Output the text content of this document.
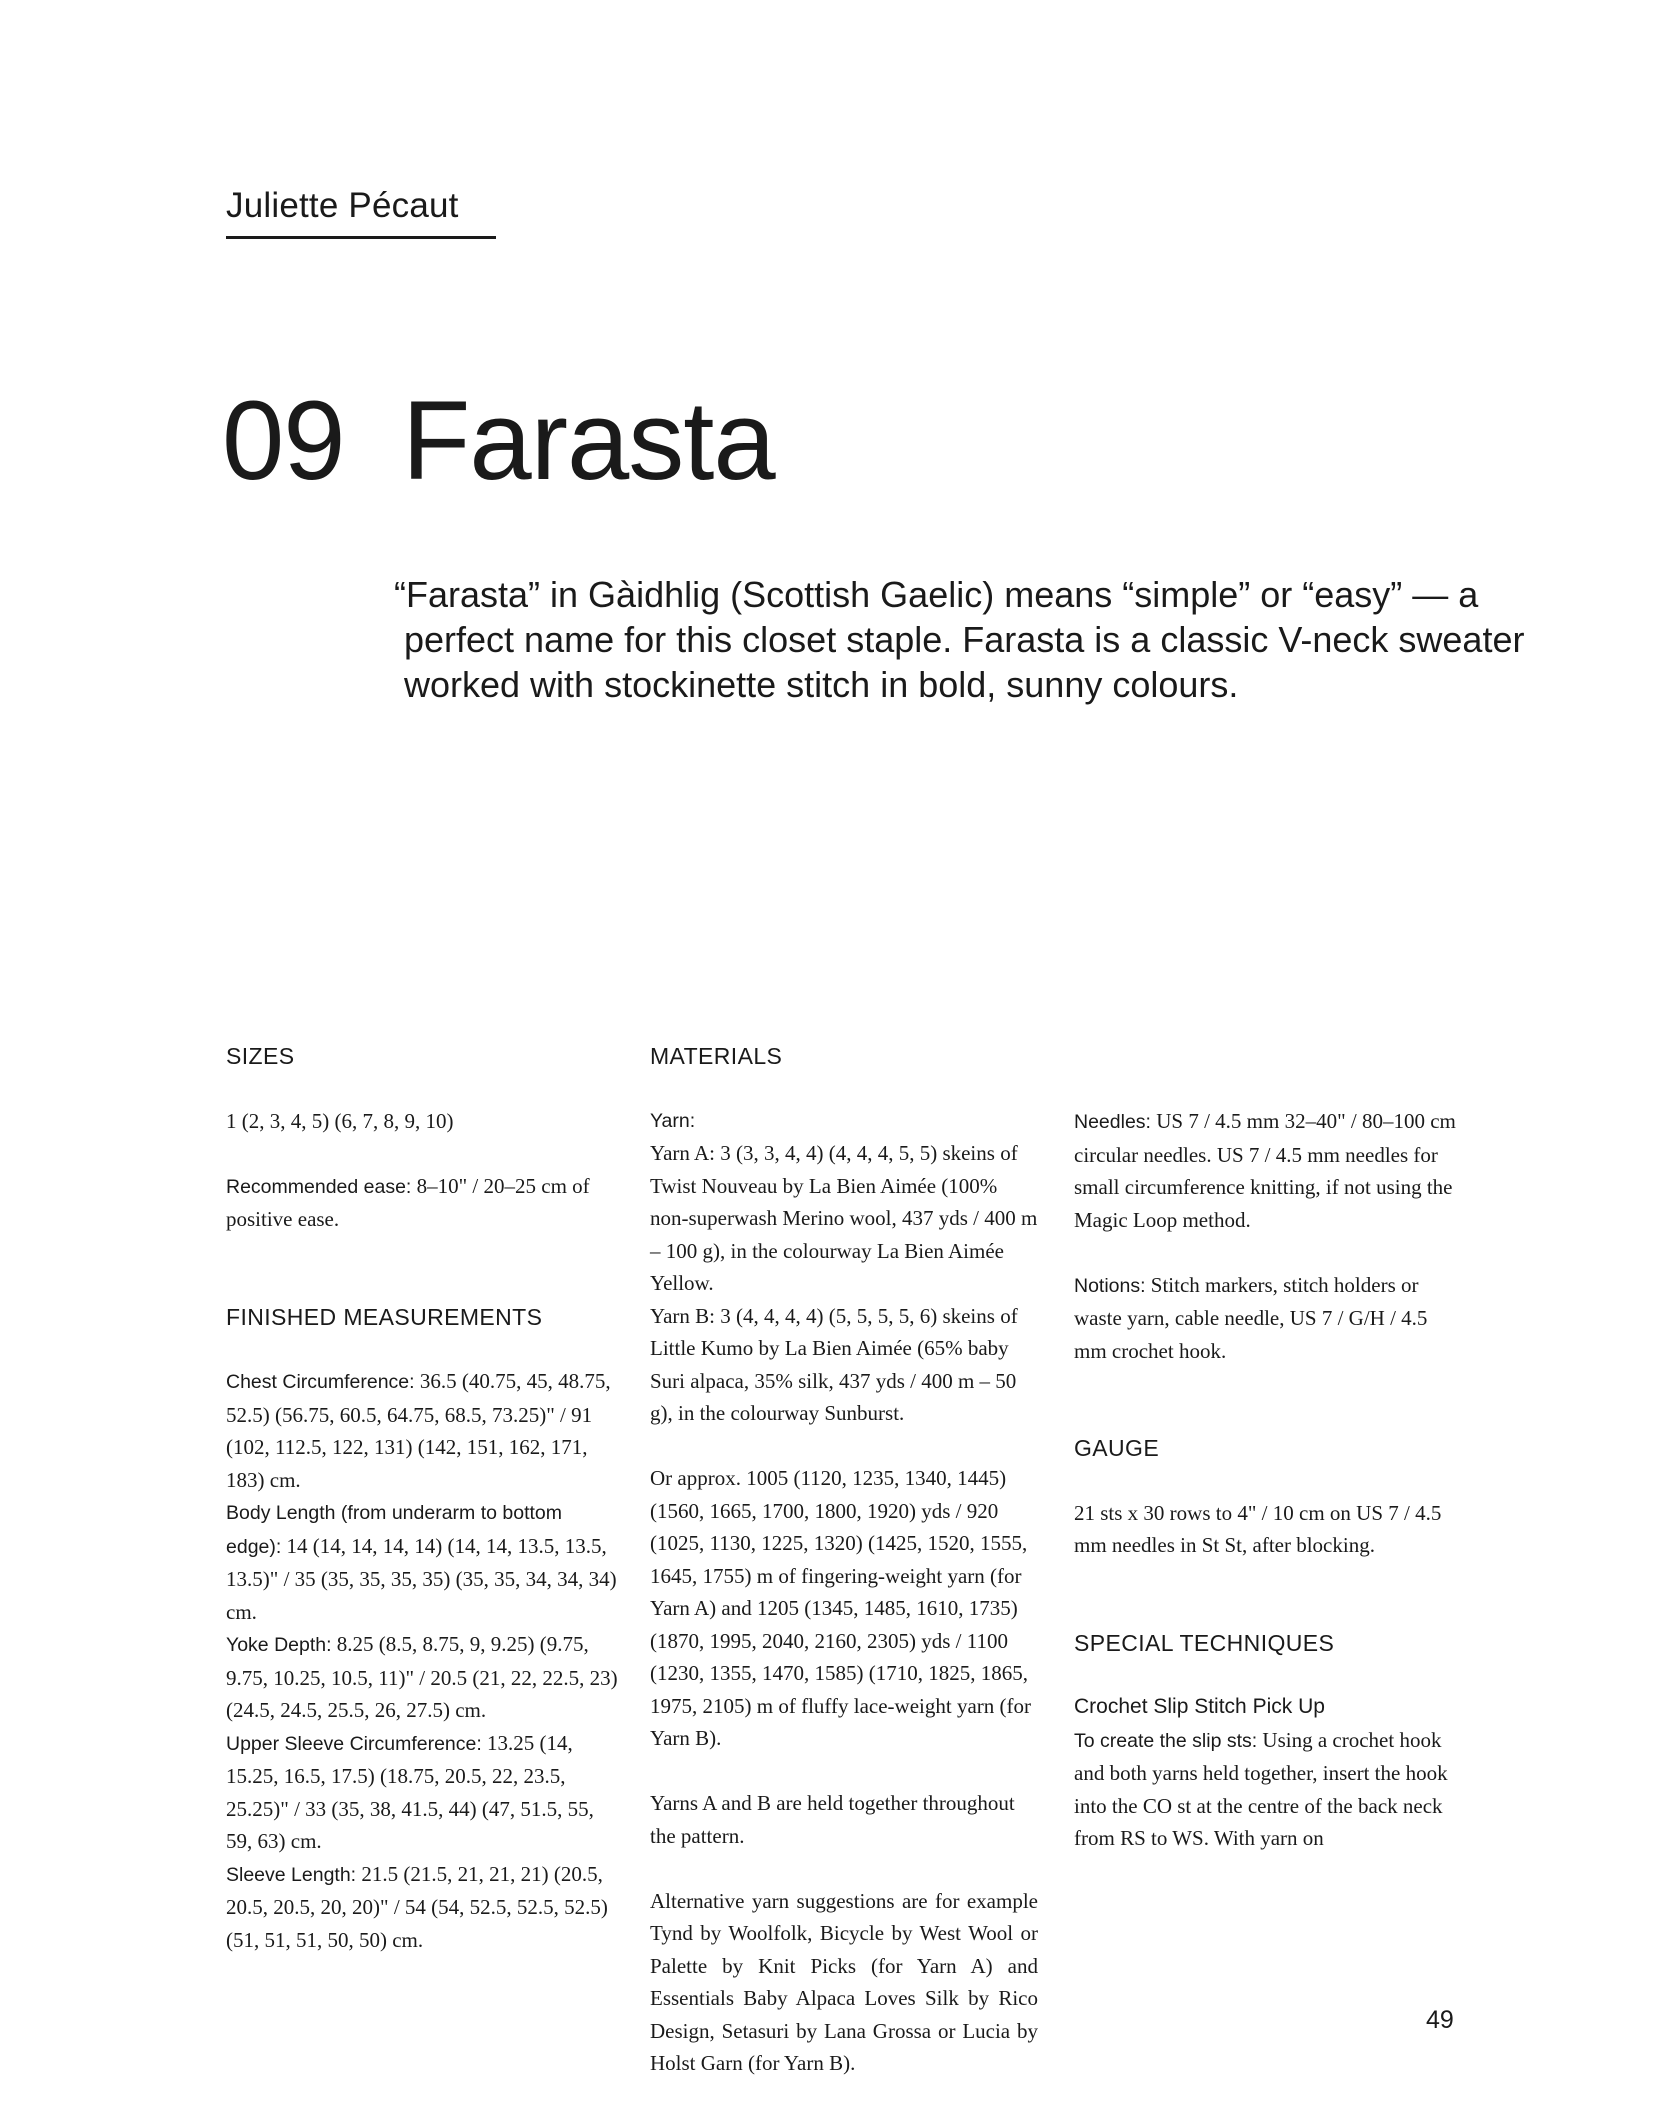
Juliette Pécaut
09 Farasta
“Farasta” in Gàidhlig (Scottish Gaelic) means “simple” or “easy” — a perfect name for this closet staple. Farasta is a classic V-neck sweater worked with stockinette stitch in bold, sunny colours.
SIZES

1 (2, 3, 4, 5) (6, 7, 8, 9, 10)

Recommended ease: 8–10" / 20–25 cm of positive ease.

FINISHED MEASUREMENTS

Chest Circumference: 36.5 (40.75, 45, 48.75, 52.5) (56.75, 60.5, 64.75, 68.5, 73.25)" / 91 (102, 112.5, 122, 131) (142, 151, 162, 171, 183) cm.

Body Length (from underarm to bottom edge): 14 (14, 14, 14, 14) (14, 14, 13.5, 13.5, 13.5)" / 35 (35, 35, 35, 35) (35, 35, 34, 34, 34) cm.

Yoke Depth: 8.25 (8.5, 8.75, 9, 9.25) (9.75, 9.75, 10.25, 10.5, 11)" / 20.5 (21, 22, 22.5, 23) (24.5, 24.5, 25.5, 26, 27.5) cm.

Upper Sleeve Circumference: 13.25 (14, 15.25, 16.5, 17.5) (18.75, 20.5, 22, 23.5, 25.25)" / 33 (35, 38, 41.5, 44) (47, 51.5, 55, 59, 63) cm.

Sleeve Length: 21.5 (21.5, 21, 21, 21) (20.5, 20.5, 20.5, 20, 20)" / 54 (54, 52.5, 52.5, 52.5) (51, 51, 51, 50, 50) cm.

MATERIALS
Yarn:
Yarn A: 3 (3, 3, 4, 4) (4, 4, 4, 5, 5) skeins of Twist Nouveau by La Bien Aimée (100% non-superwash Merino wool, 437 yds / 400 m – 100 g), in the colourway La Bien Aimée Yellow.
Yarn B: 3 (4, 4, 4, 4) (5, 5, 5, 5, 6) skeins of Little Kumo by La Bien Aimée (65% baby Suri alpaca, 35% silk, 437 yds / 400 m – 50 g), in the colourway Sunburst.

Or approx. 1005 (1120, 1235, 1340, 1445) (1560, 1665, 1700, 1800, 1920) yds / 920 (1025, 1130, 1225, 1320) (1425, 1520, 1555, 1645, 1755) m of fingering-weight yarn (for Yarn A) and 1205 (1345, 1485, 1610, 1735) (1870, 1995, 2040, 2160, 2305) yds / 1100 (1230, 1355, 1470, 1585) (1710, 1825, 1865, 1975, 2105) m of fluffy lace-weight yarn (for Yarn B).

Yarns A and B are held together throughout the pattern.

Alternative yarn suggestions are for example Tynd by Woolfolk, Bicycle by West Wool or Palette by Knit Picks (for Yarn A) and Essentials Baby Alpaca Loves Silk by Rico Design, Setasuri by Lana Grossa or Lucia by Holst Garn (for Yarn B).

Needles: US 7 / 4.5 mm 32–40" / 80–100 cm circular needles. US 7 / 4.5 mm needles for small circumference knitting, if not using the Magic Loop method.

Notions: Stitch markers, stitch holders or waste yarn, cable needle, US 7 / G/H / 4.5 mm crochet hook.

GAUGE

21 sts x 30 rows to 4" / 10 cm on US 7 / 4.5 mm needles in St St, after blocking.

SPECIAL TECHNIQUES
Crochet Slip Stitch Pick Up

To create the slip sts: Using a crochet hook and both yarns held together, insert the hook into the CO st at the centre of the back neck from RS to WS. With yarn on

49
